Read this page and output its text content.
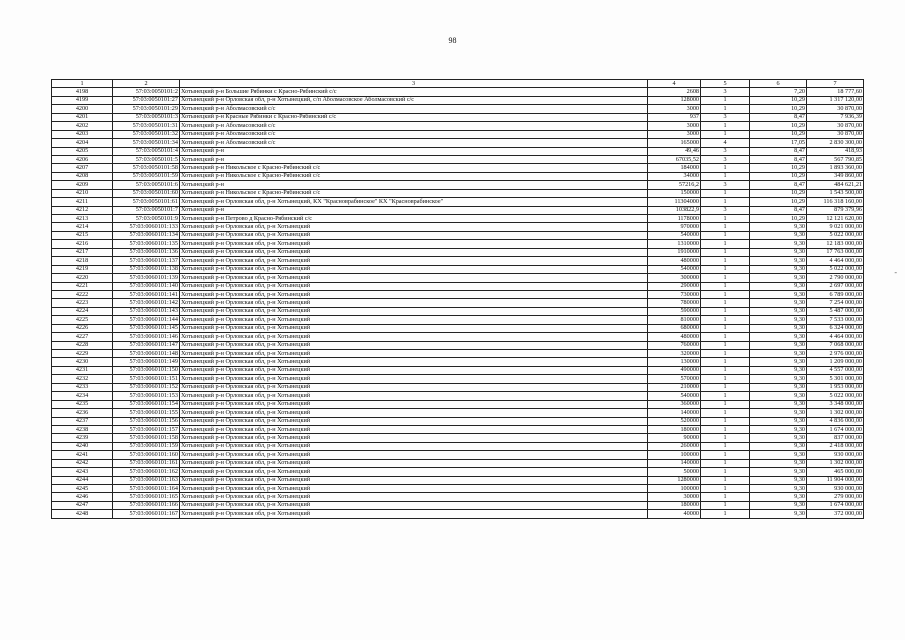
98
1	2	3	4	5	6	7
4198	57:03:0050101:2	Хотынецкий р-н Большие Рябинки с Красно-Рябинский с/с	2608	3	7,20	18 777,60
4199	57:03:0050101:27	Хотынецкий р-н Орловская обл, р-н Хотынецкий, с/п Аболмасовское Аболмасовский с/с	128000	1	10,29	1 317 120,00
4200	57:03:0050101:29	Хотынецкий р-н Аболмасовский с/с	3000	1	10,29	30 870,00
4201	57:03:0050101:3	Хотынецкий р-н Красные Рябинки с Красно-Рябинский с/с	937	3	8,47	7 936,39
4202	57:03:0050101:31	Хотынецкий р-н Аболмасовский с/с	3000	1	10,29	30 870,00
4203	57:03:0050101:32	Хотынецкий р-н Аболмасовский с/с	3000	1	10,29	30 870,00
4204	57:03:0050101:34	Хотынецкий р-н Аболмасовский с/с	165000	4	17,05	2 830 300,00
4205	57:03:0050101:4	Хотынецкий р-н	49,46	3	8,47	418,93
4206	57:03:0050101:5	Хотынецкий р-н	67035,52	3	8,47	567 790,85
4207	57:03:0050101:58	Хотынецкий р-н Никольское с Красно-Рябинский с/с	184000	1	10,29	1 893 360,00
4208	57:03:0050101:59	Хотынецкий р-н Никольское с Красно-Рябинский с/с	34000	1	10,29	349 860,00
4209	57:03:0050101:6	Хотынецкий р-н	57216,2	3	8,47	484 621,21
4210	57:03:0050101:60	Хотынецкий р-н Никольское с Красно-Рябинский с/с	150000	1	10,29	1 543 500,00
4211	57:03:0050101:61	Хотынецкий р-н Орловская обл, р-н Хотынецкий, КХ "Красноврабинское" КХ "Красноврабинское"	11304000	1	10,29	116 318 160,00
4212	57:03:0050101:7	Хотынецкий р-н	103822,9	3	8,47	879 379,96
4213	57:03:0050101:9	Хотынецкий р-н Петрово д Красно-Рябинский с/с	1178000	1	10,29	12 121 620,00
4214	57:03:0060101:133	Хотынецкий р-н Орловская обл, р-н Хотынецкий	970000	1	9,30	9 021 000,00
4215	57:03:0060101:134	Хотынецкий р-н Орловская обл, р-н Хотынецкий	540000	1	9,30	5 022 000,00
4216	57:03:0060101:135	Хотынецкий р-н Орловская обл, р-н Хотынецкий	1310000	1	9,30	12 183 000,00
4217	57:03:0060101:136	Хотынецкий р-н Орловская обл, р-н Хотынецкий	1910000	1	9,30	17 763 000,00
4218	57:03:0060101:137	Хотынецкий р-н Орловская обл, р-н Хотынецкий	480000	1	9,30	4 464 000,00
4219	57:03:0060101:138	Хотынецкий р-н Орловская обл, р-н Хотынецкий	540000	1	9,30	5 022 000,00
4220	57:03:0060101:139	Хотынецкий р-н Орловская обл, р-н Хотынецкий	300000	1	9,30	2 790 000,00
4221	57:03:0060101:140	Хотынецкий р-н Орловская обл, р-н Хотынецкий	290000	1	9,30	2 697 000,00
4222	57:03:0060101:141	Хотынецкий р-н Орловская обл, р-н Хотынецкий	730000	1	9,30	6 789 000,00
4223	57:03:0060101:142	Хотынецкий р-н Орловская обл, р-н Хотынецкий	780000	1	9,30	7 254 000,00
4224	57:03:0060101:143	Хотынецкий р-н Орловская обл, р-н Хотынецкий	590000	1	9,30	5 487 000,00
4225	57:03:0060101:144	Хотынецкий р-н Орловская обл, р-н Хотынецкий	810000	1	9,30	7 533 000,00
4226	57:03:0060101:145	Хотынецкий р-н Орловская обл, р-н Хотынецкий	680000	1	9,30	6 324 000,00
4227	57:03:0060101:146	Хотынецкий р-н Орловская обл, р-н Хотынецкий	480000	1	9,30	4 464 000,00
4228	57:03:0060101:147	Хотынецкий р-н Орловская обл, р-н Хотынецкий	760000	1	9,30	7 068 000,00
4229	57:03:0060101:148	Хотынецкий р-н Орловская обл, р-н Хотынецкий	320000	1	9,30	2 976 000,00
4230	57:03:0060101:149	Хотынецкий р-н Орловская обл, р-н Хотынецкий	130000	1	9,30	1 209 000,00
4231	57:03:0060101:150	Хотынецкий р-н Орловская обл, р-н Хотынецкий	490000	1	9,30	4 557 000,00
4232	57:03:0060101:151	Хотынецкий р-н Орловская обл, р-н Хотынецкий	570000	1	9,30	5 301 000,00
4233	57:03:0060101:152	Хотынецкий р-н Орловская обл, р-н Хотынецкий	210000	1	9,30	1 953 000,00
4234	57:03:0060101:153	Хотынецкий р-н Орловская обл, р-н Хотынецкий	540000	1	9,30	5 022 000,00
4235	57:03:0060101:154	Хотынецкий р-н Орловская обл, р-н Хотынецкий	360000	1	9,30	3 348 000,00
4236	57:03:0060101:155	Хотынецкий р-н Орловская обл, р-н Хотынецкий	140000	1	9,30	1 302 000,00
4237	57:03:0060101:156	Хотынецкий р-н Орловская обл, р-н Хотынецкий	520000	1	9,30	4 836 000,00
4238	57:03:0060101:157	Хотынецкий р-н Орловская обл, р-н Хотынецкий	180000	1	9,30	1 674 000,00
4239	57:03:0060101:158	Хотынецкий р-н Орловская обл, р-н Хотынецкий	90000	1	9,30	837 000,00
4240	57:03:0060101:159	Хотынецкий р-н Орловская обл, р-н Хотынецкий	260000	1	9,30	2 418 000,00
4241	57:03:0060101:160	Хотынецкий р-н Орловская обл, р-н Хотынецкий	100000	1	9,30	930 000,00
4242	57:03:0060101:161	Хотынецкий р-н Орловская обл, р-н Хотынецкий	140000	1	9,30	1 302 000,00
4243	57:03:0060101:162	Хотынецкий р-н Орловская обл, р-н Хотынецкий	50000	1	9,30	465 000,00
4244	57:03:0060101:163	Хотынецкий р-н Орловская обл, р-н Хотынецкий	1280000	1	9,30	11 904 000,00
4245	57:03:0060101:164	Хотынецкий р-н Орловская обл, р-н Хотынецкий	100000	1	9,30	930 000,00
4246	57:03:0060101:165	Хотынецкий р-н Орловская обл, р-н Хотынецкий	30000	1	9,30	279 000,00
4247	57:03:0060101:166	Хотынецкий р-н Орловская обл, р-н Хотынецкий	180000	1	9,30	1 674 000,00
4248	57:03:0060101:167	Хотынецкий р-н Орловская обл, р-н Хотынецкий	40000	1	9,30	372 000,00
-
